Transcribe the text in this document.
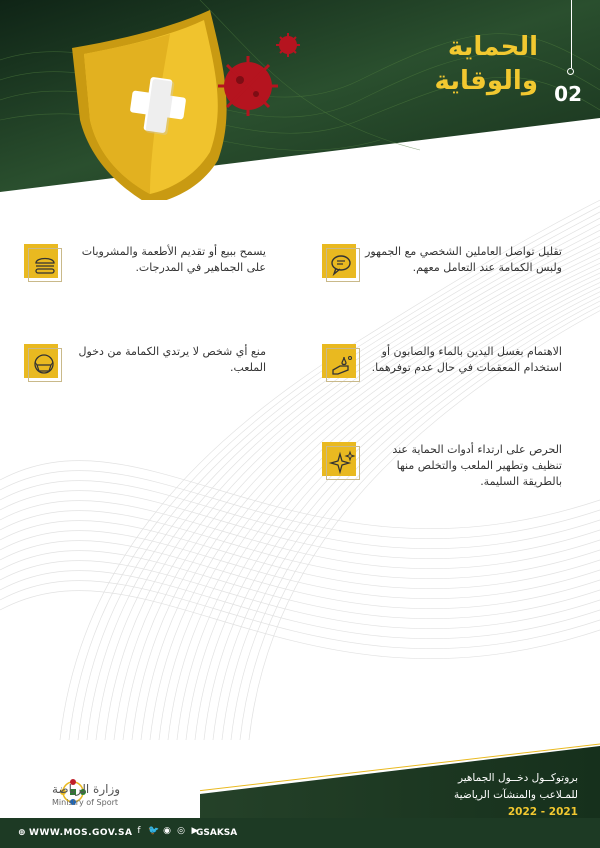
الحماية
والوقاية 02

تقليل تواصل العاملين الشخصي مع الجمهور ولبس الكمامة عند التعامل معهم.

الاهتمام بغسل اليدين بالماء والصابون أو استخدام المعقمات في حال عدم توفرهما.

الحرص على ارتداء أدوات الحماية عند تنظيف وتطهير الملعب والتخلص منها بالطريقة السليمة.

يسمح ببيع أو تقديم الأطعمة والمشروبات على الجماهير في المدرجات.

منع أي شخص لا يرتدي الكمامة من دخول الملعب.

بروتوكــول دخــول الجماهير
للمـلاعب والمنشآت الرياضية
2022 - 2021
وزارة الرياضة
Ministry of Sport
⊕ WWW.MOS.GOV.SA f 🐦 ◉ ◎ ▶
GSAKSA
